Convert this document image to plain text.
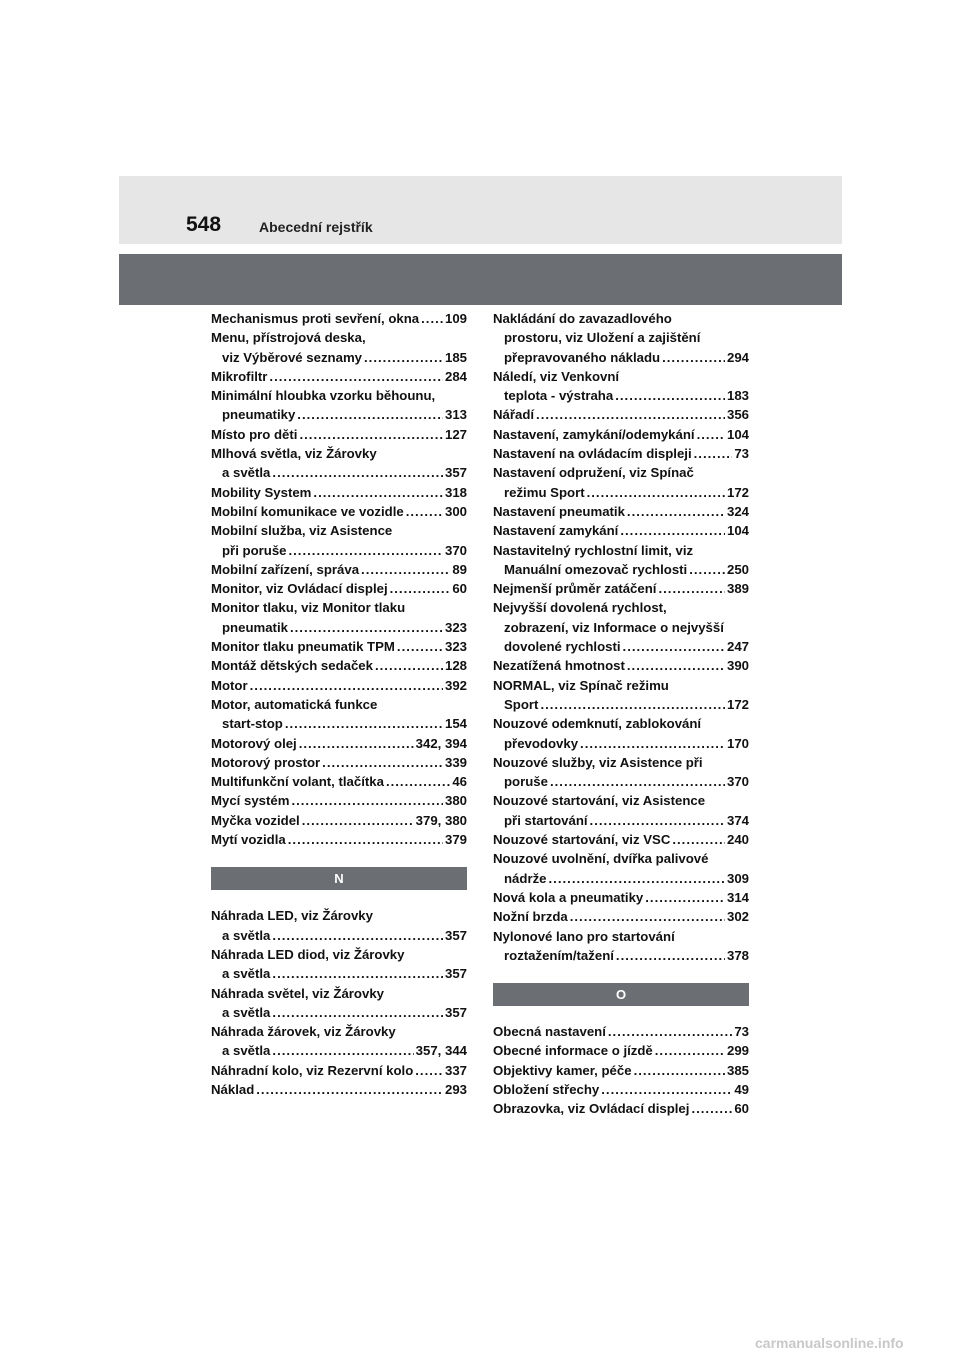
548	Abecední rejstřík
Mechanismus proti sevření, okna ..... 109
Menu, přístrojová deska,
viz Výběrové seznamy .....	185
Mikrofiltr .....	284
Minimální hloubka vzorku běhounu,
pneumatiky .....	313
Místo pro děti .....	127
Mlhová světla, viz Žárovky
a světla .....	357
Mobility System .....	318
Mobilní komunikace ve vozidle .....	300
Mobilní služba, viz Asistence
při poruše .....	370
Mobilní zařízení, správa .....	89
Monitor, viz Ovládací displej .....	60
Monitor tlaku, viz Monitor tlaku
pneumatik .....	323
Monitor tlaku pneumatik TPM .....	323
Montáž dětských sedaček .....	128
Motor .....	392
Motor, automatická funkce
start-stop .....	154
Motorový olej .....	342, 394
Motorový prostor .....	339
Multifunkční volant, tlačítka .....	46
Mycí systém .....	380
Myčka vozidel .....	379, 380
Mytí vozidla .....	379
N
Náhrada LED, viz Žárovky
a světla .....	357
Náhrada LED diod, viz Žárovky
a světla .....	357
Náhrada světel, viz Žárovky
a světla .....	357
Náhrada žárovek, viz Žárovky
a světla .....	357, 344
Náhradní kolo, viz Rezervní kolo ..... 337
Náklad .....	293
Nakládání do zavazadlového
prostoru, viz Uložení a zajištění
přepravovaného nákladu .....	294
Náledí, viz Venkovní
teplota - výstraha .....	183
Nářadí .....	356
Nastavení, zamykání/odemykání ..... 104
Nastavení na ovládacím displeji .....	73
Nastavení odpružení, viz Spínač
režimu Sport .....	172
Nastavení pneumatik .....	324
Nastavení zamykání .....	104
Nastavitelný rychlostní limit, viz
Manuální omezovač rychlosti .....	250
Nejmenší průměr zatáčení .....	389
Nejvyšší dovolená rychlost,
zobrazení, viz Informace o nejvyšší
dovolené rychlosti .....	247
Nezatížená hmotnost .....	390
NORMAL, viz Spínač režimu
Sport .....	172
Nouzové odemknutí, zablokování
převodovky .....	170
Nouzové služby, viz Asistence při
poruše .....	370
Nouzové startování, viz Asistence
při startování .....	374
Nouzové startování, viz VSC .....	240
Nouzové uvolnění, dvířka palivové
nádrže .....	309
Nová kola a pneumatiky .....	314
Nožní brzda .....	302
Nylonové lano pro startování
roztažením/tažení .....	378
O
Obecná nastavení .....	73
Obecné informace o jízdě .....	299
Objektivy kamer, péče .....	385
Obložení střechy .....	49
Obrazovka, viz Ovládací displej .....	60
carmanualsonline.info
